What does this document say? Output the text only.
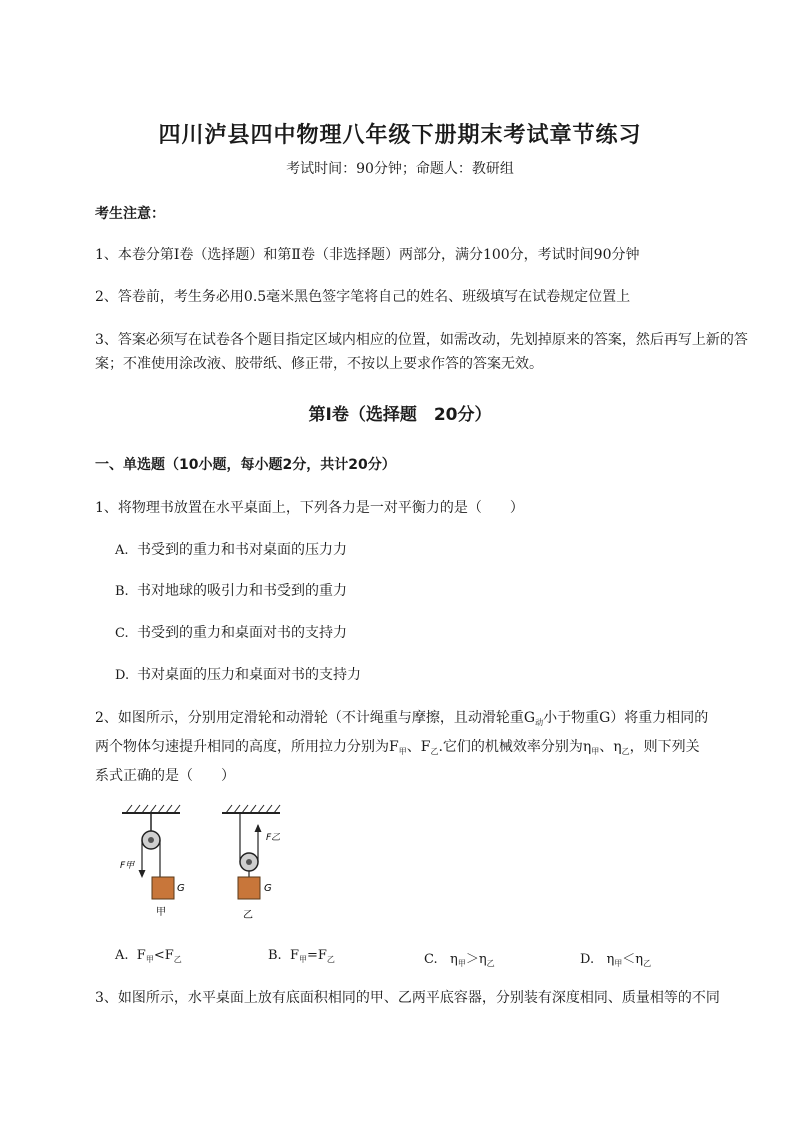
四川泸县四中物理八年级下册期末考试章节练习
考试时间：90分钟；命题人：教研组
考生注意：
1、本卷分第I卷（选择题）和第Ⅱ卷（非选择题）两部分，满分100分，考试时间90分钟
2、答卷前，考生务必用0.5毫米黑色签字笔将自己的姓名、班级填写在试卷规定位置上
3、答案必须写在试卷各个题目指定区域内相应的位置，如需改动，先划掉原来的答案，然后再写上新的答案；不准使用涂改液、胶带纸、修正带，不按以上要求作答的答案无效。
第I卷（选择题　20分）
一、单选题（10小题，每小题2分，共计20分）
1、将物理书放置在水平桌面上，下列各力是一对平衡力的是（　　）
A. 书受到的重力和书对桌面的压力力
B. 书对地球的吸引力和书受到的重力
C. 书受到的重力和桌面对书的支持力
D. 书对桌面的压力和桌面对书的支持力
2、如图所示，分别用定滑轮和动滑轮（不计绳重与摩擦，且动滑轮重$G_动$小于物重G）将重力相同的
两个物体匀速提升相同的高度，所用拉力分别为$F_甲$、$F_乙$.它们的机械效率分别为$\eta_甲$、$\eta_乙$，则下列关
系式正确的是（　　）
F甲
G
甲
F乙
G
乙
A. $F_甲<F_乙$	B. $F_甲=F_乙$	C. $\eta_甲>\eta_乙$	D. $\eta_甲<\eta_乙$
3、如图所示，水平桌面上放有底面积相同的甲、乙两平底容器，分别装有深度相同、质量相等的不同
